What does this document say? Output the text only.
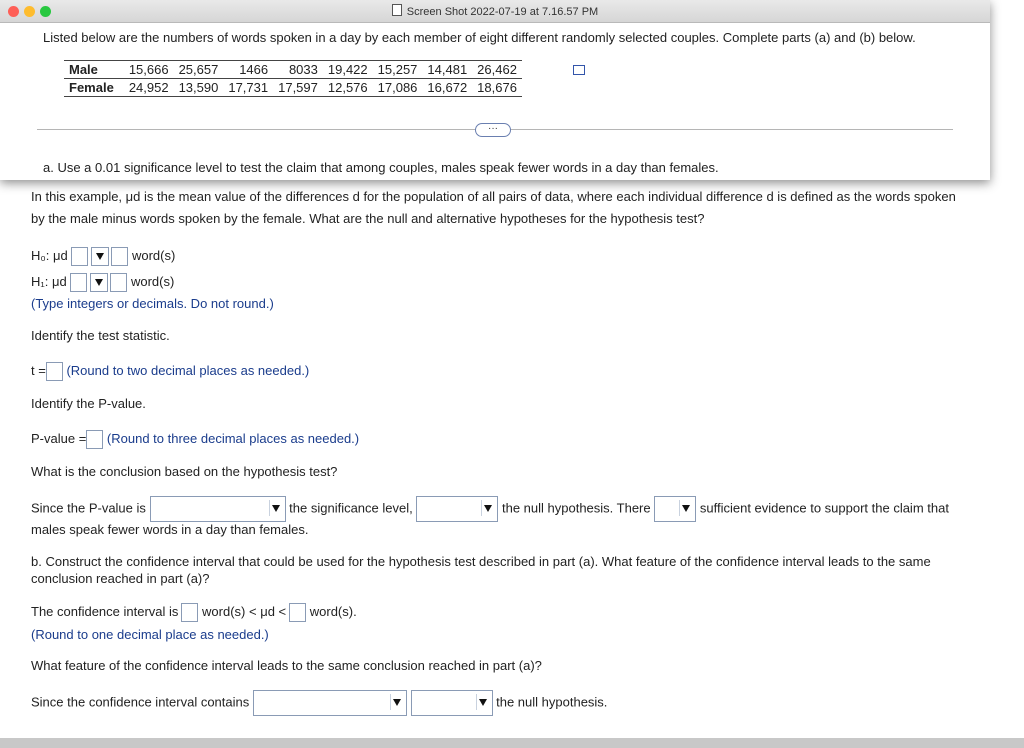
In this example, μd is the mean value of the differences d for the population of all pairs of data, where each individual difference d is defined as the words spoken
by the male minus words spoken by the female. What are the null and alternative hypotheses for the hypothesis test?
H₀: μd	word(s)
H₁: μd	word(s)
(Type integers or decimals. Do not round.)
Identify the test statistic.
t = (Round to two decimal places as needed.)
Identify the P-value.
P-value = (Round to three decimal places as needed.)
What is the conclusion based on the hypothesis test?
Since the P-value is	the significance level,	the null hypothesis. There	sufficient evidence to support the claim that
males speak fewer words in a day than females.
b. Construct the confidence interval that could be used for the hypothesis test described in part (a). What feature of the confidence interval leads to the same
conclusion reached in part (a)?
The confidence interval is word(s) < μd < word(s).
(Round to one decimal place as needed.)
What feature of the confidence interval leads to the same conclusion reached in part (a)?
Since the confidence interval contains
	the null hypothesis.
Screen Shot 2022-07-19 at 7.16.57 PM
Listed below are the numbers of words spoken in a day by each member of eight different randomly selected couples. Complete parts (a) and (b) below.
Male	15,666	25,657	1466	8033	19,422	15,257	14,481	26,462
Female	24,952	13,590	17,731	17,597	12,576	17,086	16,672	18,676
···
a. Use a 0.01 significance level to test the claim that among couples, males speak fewer words in a day than females.
